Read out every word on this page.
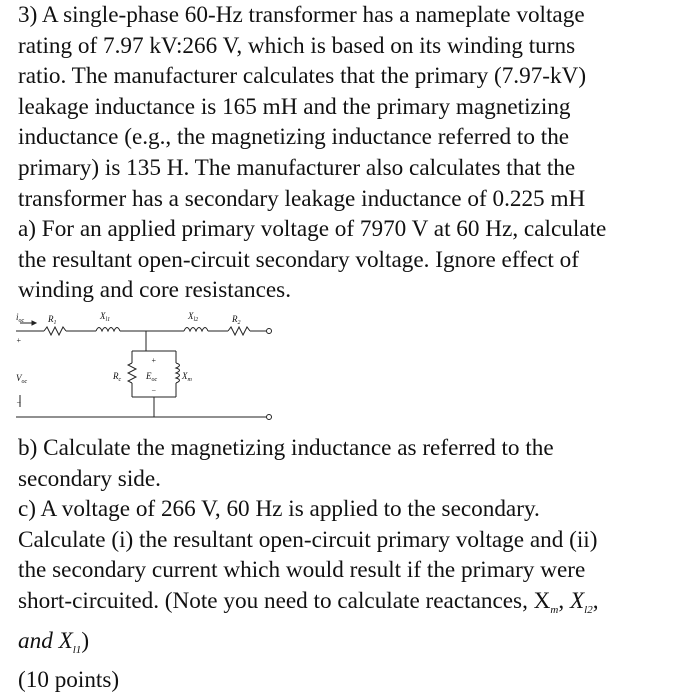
3) A single-phase 60-Hz transformer has a nameplate voltage
rating of 7.97 kV:266 V, which is based on its winding turns
ratio. The manufacturer calculates that the primary (7.97-kV)
leakage inductance is 165 mH and the primary magnetizing
inductance (e.g., the magnetizing inductance referred to the
primary) is 135 H. The manufacturer also calculates that the
transformer has a secondary leakage inductance of 0.225 mH
a) For an applied primary voltage of 7970 V at 60 Hz, calculate
the resultant open-circuit secondary voltage. Ignore effect of
winding and core resistances.
$i_{oc}$	$R_1$
$X_{l1}$	$X_{l2}$	$R_2$
+
$V_{oc}$
−
$R_c$
+
$E_{oc}$
−
$X_m$
b) Calculate the magnetizing inductance as referred to the
secondary side.
c) A voltage of 266 V, 60 Hz is applied to the secondary.
Calculate (i) the resultant open-circuit primary voltage and (ii)
the secondary current which would result if the primary were
short-circuited. (Note you need to calculate reactances, $X_m$, $X_{l2}$,
and $X_{l1}$)
(10 points)
